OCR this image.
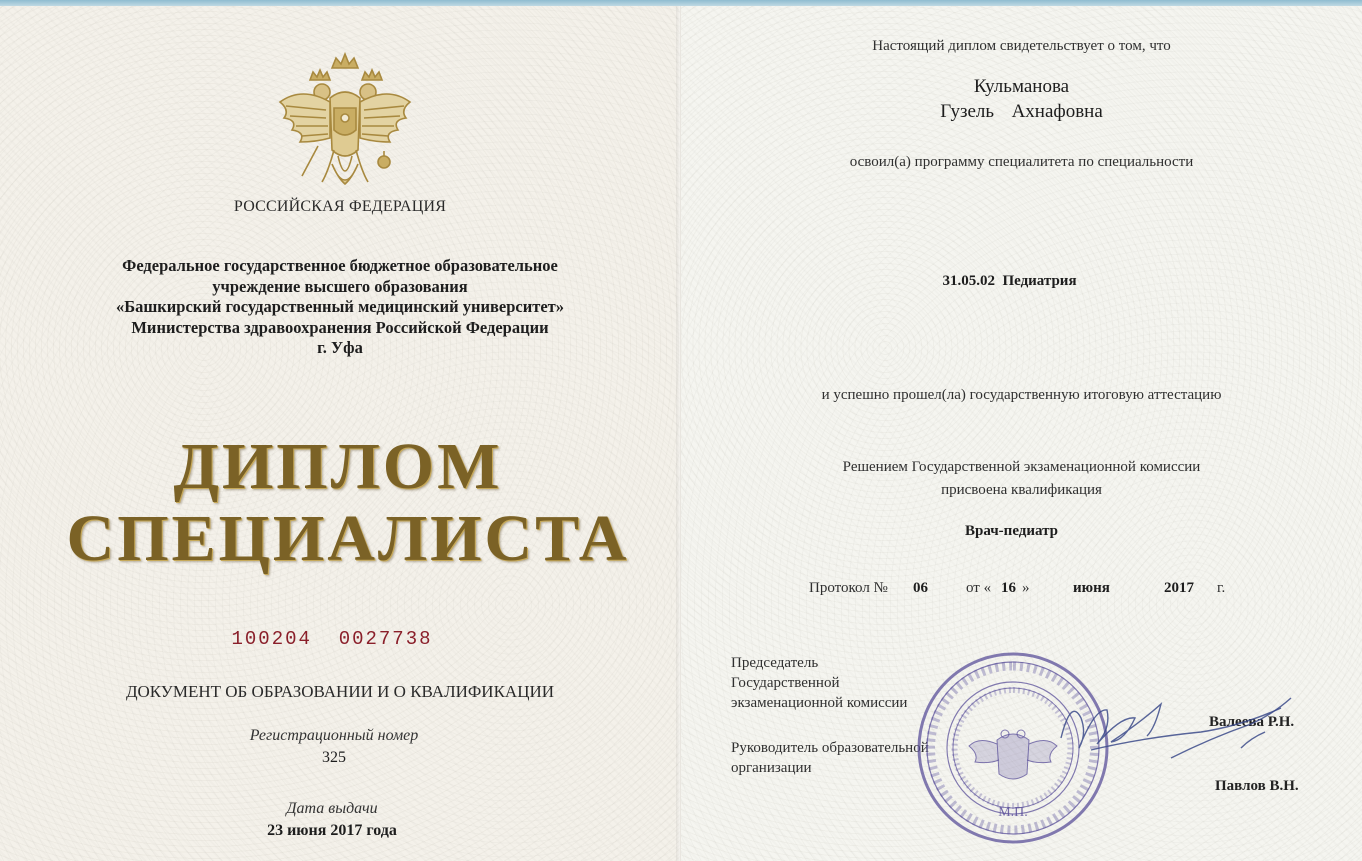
РОССИЙСКАЯ ФЕДЕРАЦИЯ
Федеральное государственное бюджетное образовательное
учреждение высшего образования
«Башкирский государственный медицинский университет»
Министерства здравоохранения Российской Федерации
г. Уфа
ДИПЛОМ
СПЕЦИАЛИСТА
100204  0027738
ДОКУМЕНТ ОБ ОБРАЗОВАНИИ И О КВАЛИФИКАЦИИ
Регистрационный номер
325
Дата выдачи
23 июня 2017 года
Настоящий диплом свидетельствует о том, что
Кульманова
Гузель  Ахнафовна
освоил(а) программу специалитета по специальности
31.05.02  Педиатрия
и успешно прошел(ла) государственную итоговую аттестацию
Решением Государственной экзаменационной комиссии
присвоена квалификация
Врач-педиатр
Протокол № 06	от « 16 »	июня	2017 г.
Председатель
Государственной
экзаменационной комиссии
Руководитель образовательной
организации
Валеева Р.Н.
Павлов В.Н.
М.П.
